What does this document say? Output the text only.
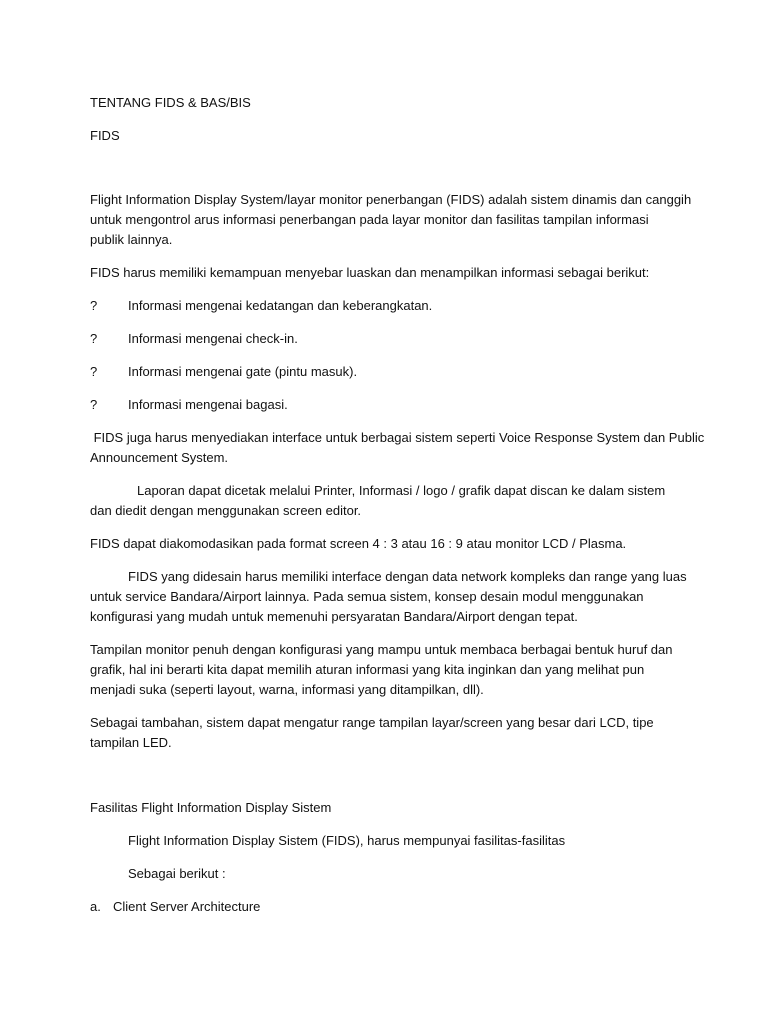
TENTANG FIDS & BAS/BIS

FIDS

Flight Information Display System/layar monitor penerbangan (FIDS) adalah sistem dinamis dan canggih

untuk mengontrol arus informasi penerbangan pada layar monitor dan fasilitas tampilan informasi

publik lainnya.

FIDS harus memiliki kemampuan menyebar luaskan dan menampilkan informasi sebagai berikut:

? Informasi mengenai kedatangan dan keberangkatan.
? Informasi mengenai check-in.
? Informasi mengenai gate (pintu masuk).
? Informasi mengenai bagasi.

FIDS juga harus menyediakan interface untuk berbagai sistem seperti Voice Response System dan Public

Announcement System.

Laporan dapat dicetak melalui Printer, Informasi / logo / grafik dapat discan ke dalam sistem

dan diedit dengan menggunakan screen editor.

FIDS dapat diakomodasikan pada format screen 4 : 3 atau 16 : 9 atau monitor LCD / Plasma.

FIDS yang didesain harus memiliki interface dengan data network kompleks dan range yang luas

untuk service Bandara/Airport lainnya. Pada semua sistem, konsep desain modul menggunakan

konfigurasi yang mudah untuk memenuhi persyaratan Bandara/Airport dengan tepat.

Tampilan monitor penuh dengan konfigurasi yang mampu untuk membaca berbagai bentuk huruf dan

grafik, hal ini berarti kita dapat memilih aturan informasi yang kita inginkan dan yang melihat pun

menjadi suka (seperti layout, warna, informasi yang ditampilkan, dll).

Sebagai tambahan, sistem dapat mengatur range tampilan layar/screen yang besar dari LCD, tipe

tampilan LED.

Fasilitas Flight Information Display Sistem

Flight Information Display Sistem (FIDS), harus mempunyai fasilitas-fasilitas

Sebagai berikut :

a. Client Server Architecture
